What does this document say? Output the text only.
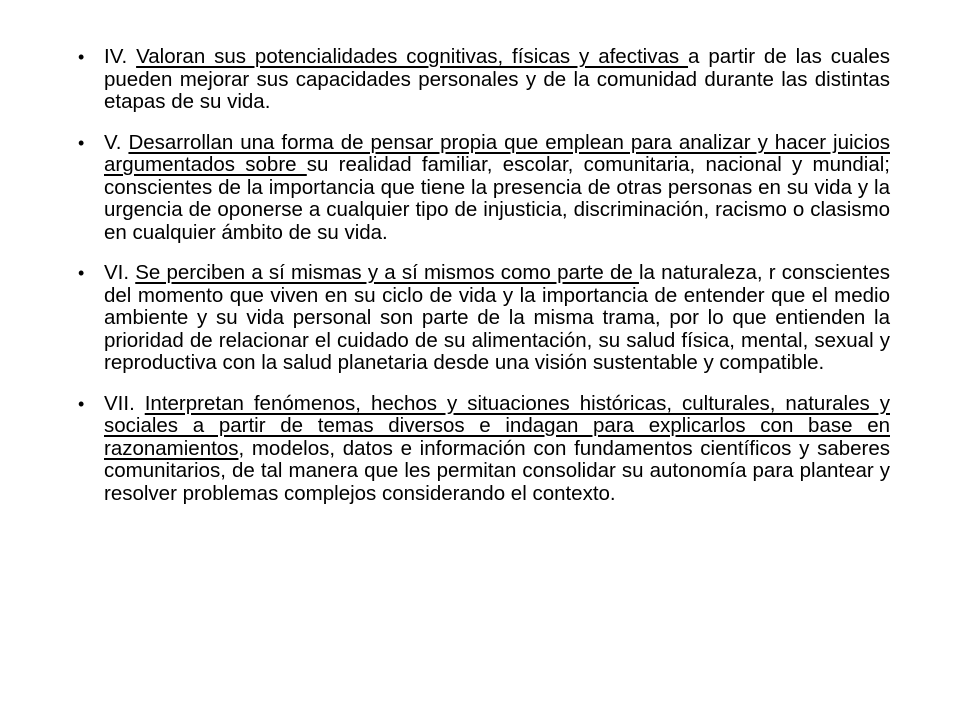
• IV. Valoran sus potencialidades cognitivas, físicas y afectivas a partir de las cuales pueden mejorar sus capacidades personales y de la comunidad durante las distintas etapas de su vida.
• V. Desarrollan una forma de pensar propia que emplean para analizar y hacer juicios argumentados sobre su realidad familiar, escolar, comunitaria, nacional y mundial; conscientes de la importancia que tiene la presencia de otras personas en su vida y la urgencia de oponerse a cualquier tipo de injusticia, discriminación, racismo o clasismo en cualquier ámbito de su vida.
• VI. Se perciben a sí mismas y a sí mismos como parte de la naturaleza, r conscientes del momento que viven en su ciclo de vida y la importancia de entender que el medio ambiente y su vida personal son parte de la misma trama, por lo que entienden la prioridad de relacionar el cuidado de su alimentación, su salud física, mental, sexual y reproductiva con la salud planetaria desde una visión sustentable y compatible.
• VII. Interpretan fenómenos, hechos y situaciones históricas, culturales, naturales y sociales a partir de temas diversos e indagan para explicarlos con base en razonamientos, modelos, datos e información con fundamentos científicos y saberes comunitarios, de tal manera que les permitan consolidar su autonomía para plantear y resolver problemas complejos considerando el contexto.
